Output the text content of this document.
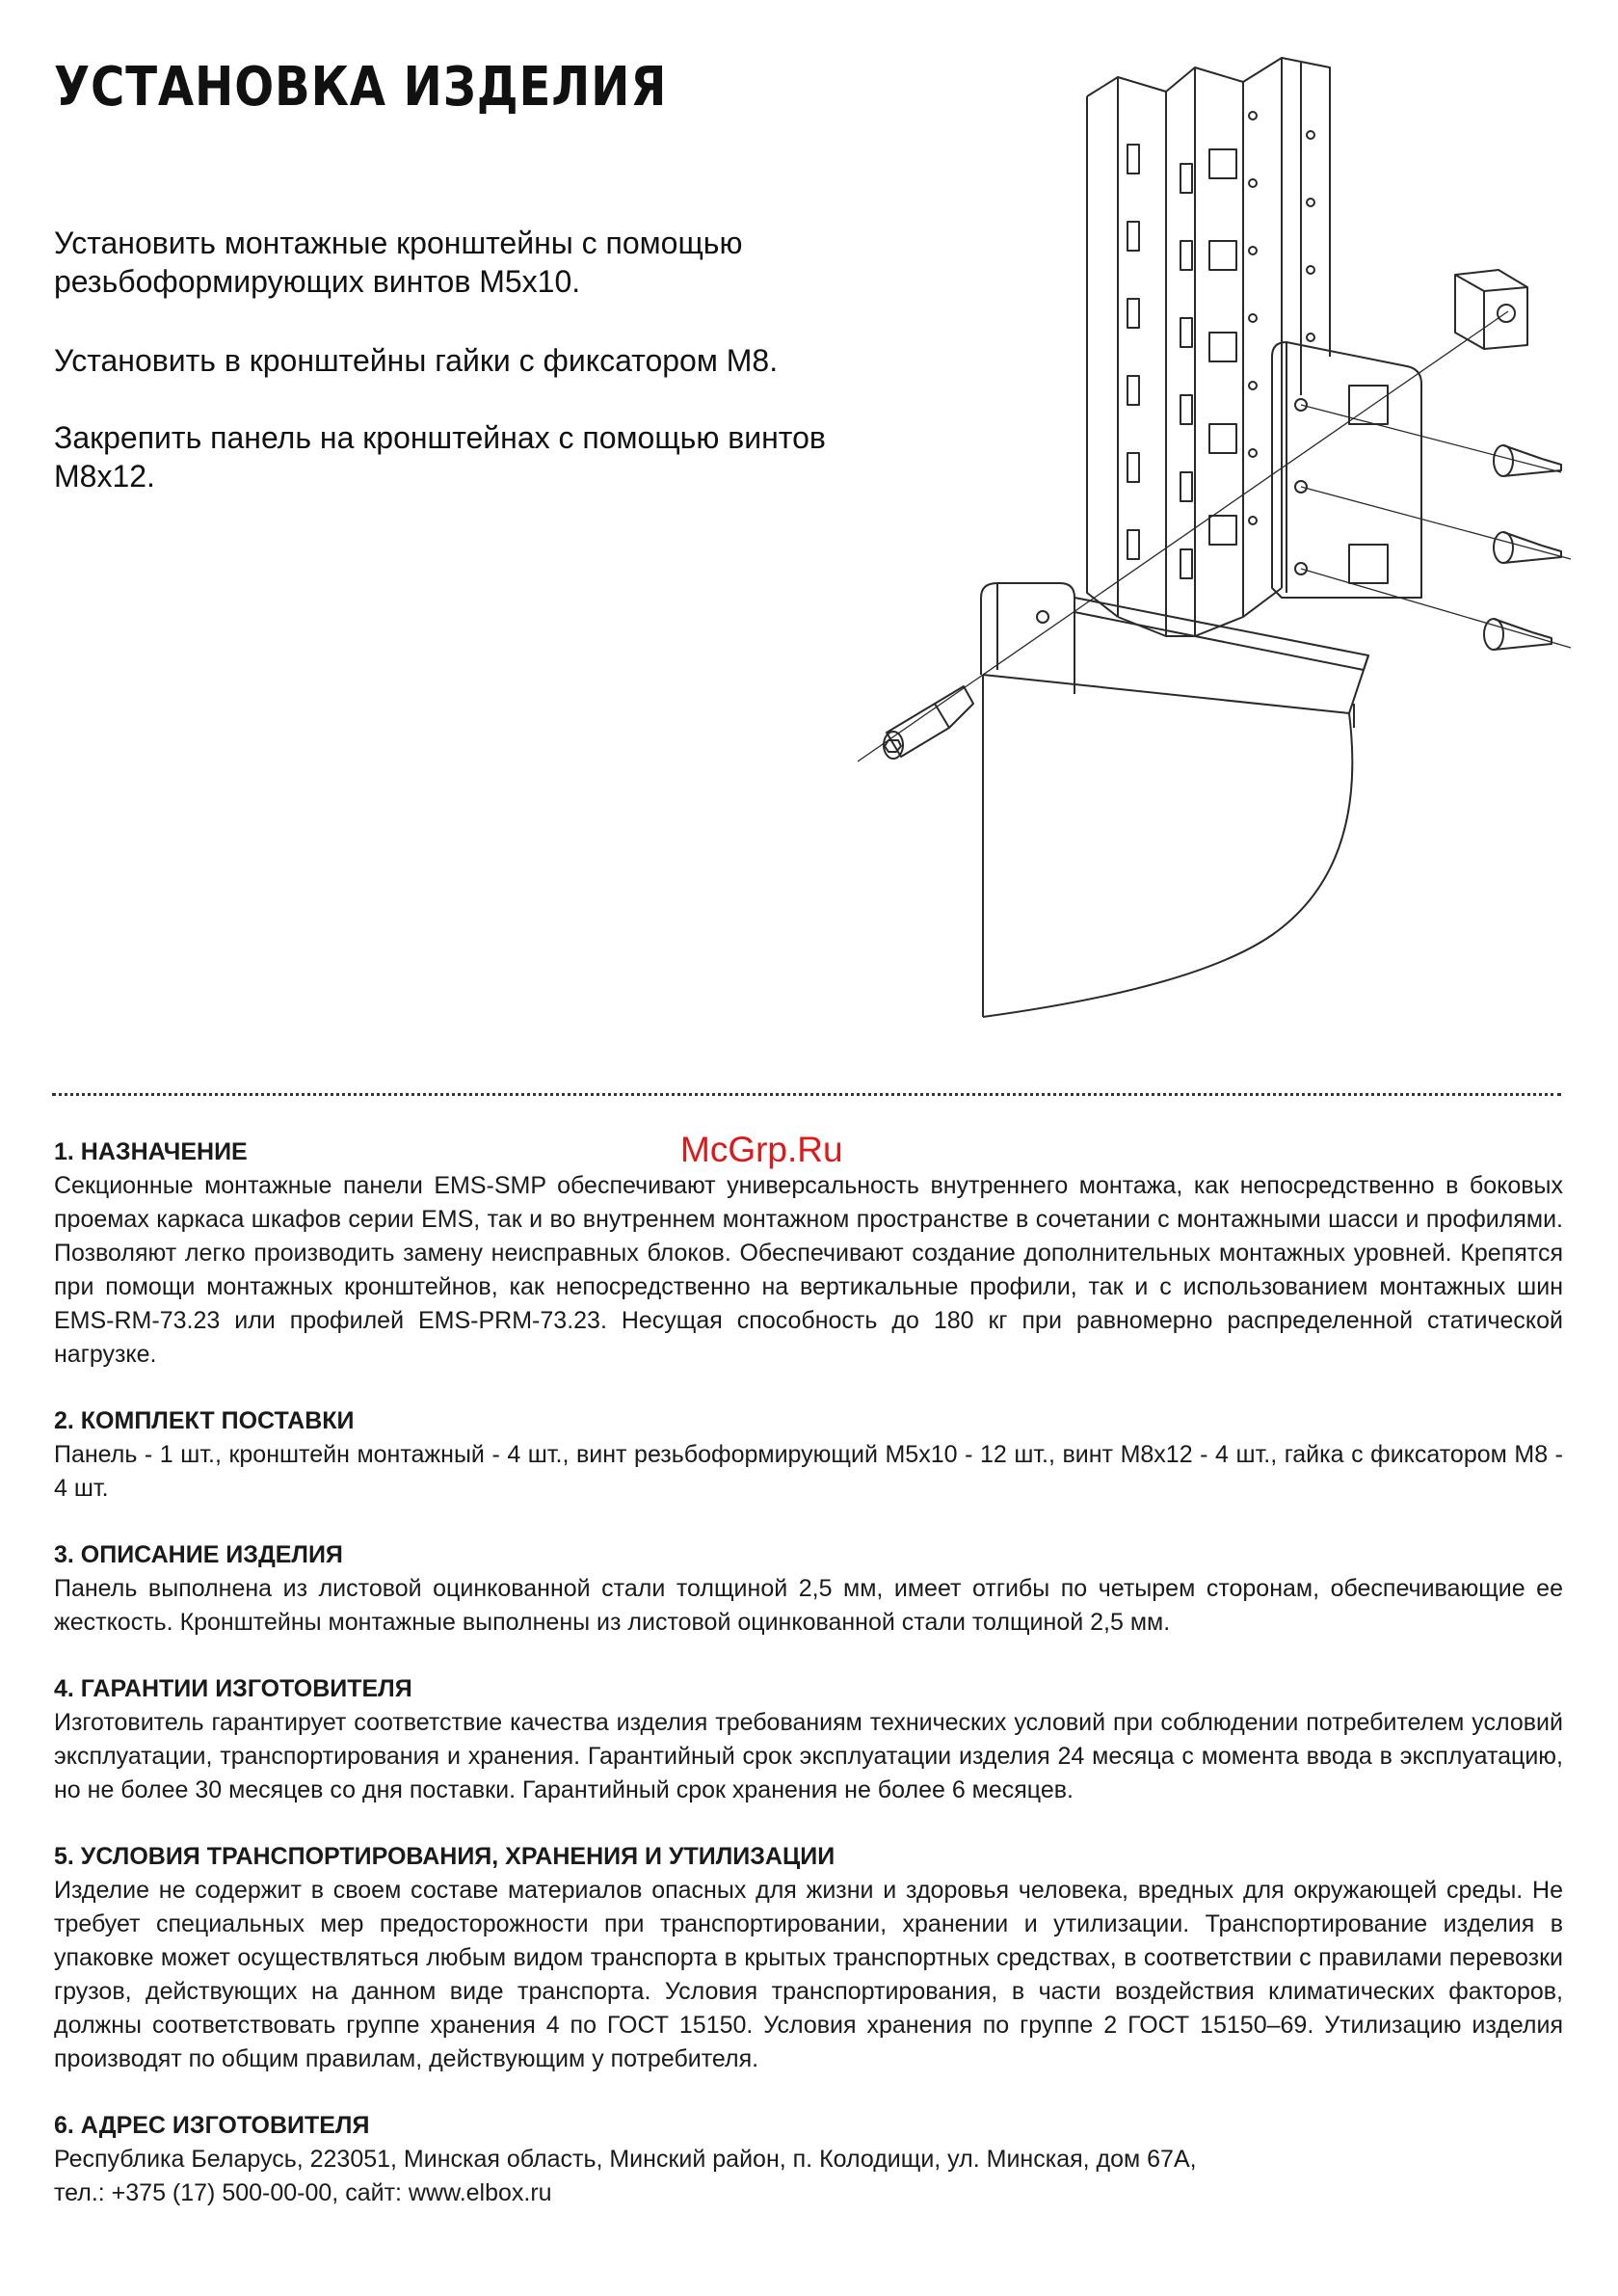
УСТАНОВКА ИЗДЕЛИЯ

Установить монтажные кронштейны с помощью резьбоформирующих винтов М5х10.

Установить в кронштейны гайки с фиксатором М8.

Закрепить панель на кронштейнах с помощью винтов М8х12.

McGrp.Ru
1. НАЗНАЧЕНИЕ

Секционные монтажные панели EMS-SMP обеспечивают универсальность внутреннего монтажа, как непосредственно в боковых проемах каркаса шкафов серии EMS, так и во внутреннем монтажном пространстве в сочетании с монтажными шасси и профилями. Позволяют легко производить замену неисправных блоков. Обеспечивают создание дополнительных монтажных уровней. Крепятся при помощи монтажных кронштейнов, как непосредственно на вертикальные профили, так и с использованием монтажных шин EMS-RM-73.23 или профилей EMS-PRM-73.23. Несущая способность до 180 кг при равномерно распределенной статической нагрузке.

2. КОМПЛЕКТ ПОСТАВКИ

Панель - 1 шт., кронштейн монтажный - 4 шт., винт резьбоформирующий М5х10 - 12 шт., винт М8х12 - 4 шт., гайка с фиксатором М8 - 4 шт.

3. ОПИСАНИЕ ИЗДЕЛИЯ

Панель выполнена из листовой оцинкованной стали толщиной 2,5 мм, имеет отгибы по четырем сторонам, обеспечивающие ее жесткость. Кронштейны монтажные выполнены из листовой оцинкованной стали толщиной 2,5 мм.

4. ГАРАНТИИ ИЗГОТОВИТЕЛЯ

Изготовитель гарантирует соответствие качества изделия требованиям технических условий при соблюдении потребителем условий эксплуатации, транспортирования и хранения. Гарантийный срок эксплуатации изделия 24 месяца с момента ввода в эксплуатацию, но не более 30 месяцев со дня поставки. Гарантийный срок хранения не более 6 месяцев.

5. УСЛОВИЯ ТРАНСПОРТИРОВАНИЯ, ХРАНЕНИЯ И УТИЛИЗАЦИИ

Изделие не содержит в своем составе материалов опасных для жизни и здоровья человека, вредных для окружающей среды. Не требует специальных мер предосторожности при транспортировании, хранении и утилизации. Транспортирование изделия в упаковке может осуществляться любым видом транспорта в крытых транспортных средствах, в соответствии с правилами перевозки грузов, действующих на данном виде транспорта. Условия транспортирования, в части воздействия климатических факторов, должны соответствовать группе хранения 4 по ГОСТ 15150. Условия хранения по группе 2 ГОСТ 15150–69. Утилизацию изделия производят по общим правилам, действующим у потребителя.

6. АДРЕС ИЗГОТОВИТЕЛЯ

Республика Беларусь, 223051, Минская область, Минский район, п. Колодищи, ул. Минская, дом 67А,
тел.: +375 (17) 500-00-00, сайт: www.elbox.ru
